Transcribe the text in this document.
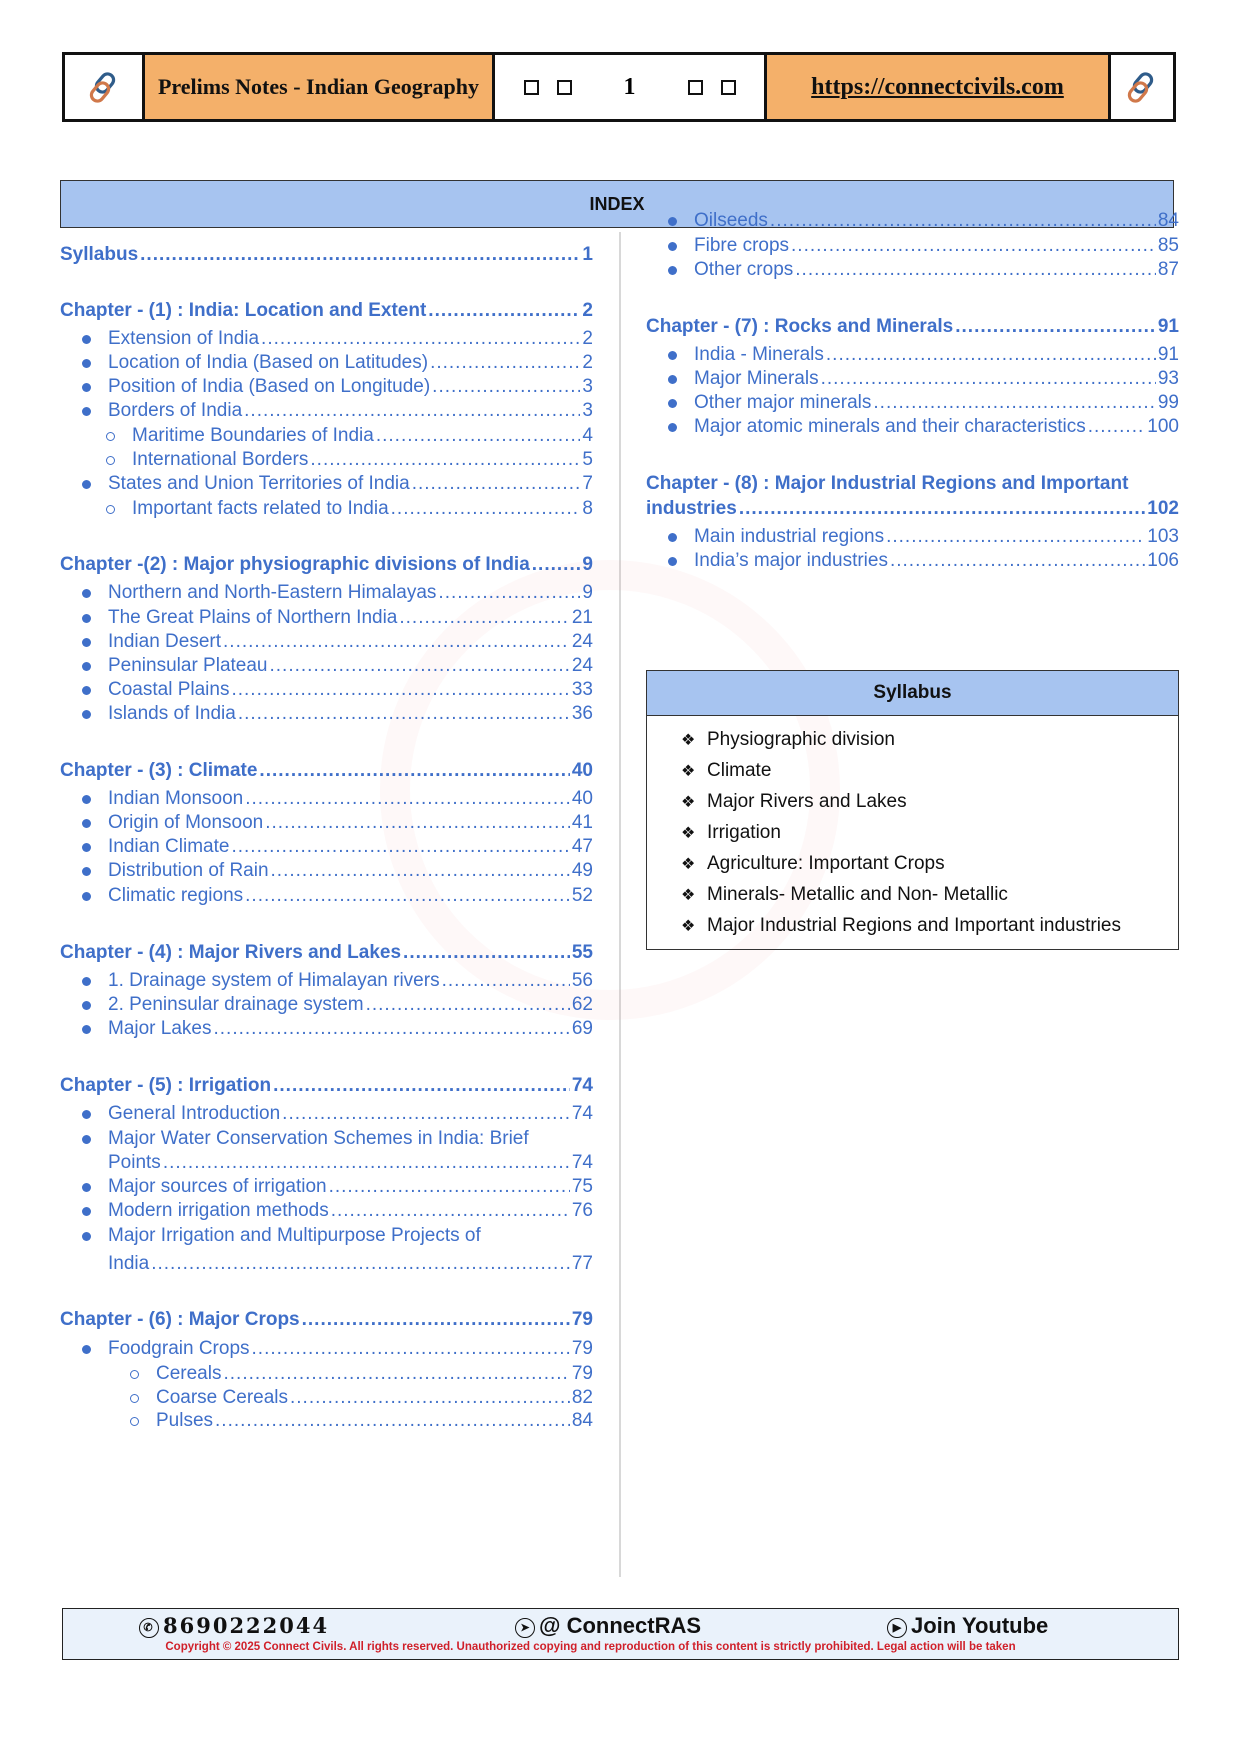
Prelims Notes - Indian Geography	1	https://connectcivils.com
INDEX
Syllabus .....	1
Chapter - (1) : India: Location and Extent .....	2
Extension of India .....	2
Location of India (Based on Latitudes) .....	2
Position of India (Based on Longitude) .....	3
Borders of India .....	3
Maritime Boundaries of India .....	4
International Borders .....	5
States and Union Territories of India .....	7
Important facts related to India .....	8
Chapter -(2) : Major physiographic divisions of India .....	9
Northern and North-Eastern Himalayas .....	9
The Great Plains of Northern India .....	21
Indian Desert .....	24
Peninsular Plateau .....	24
Coastal Plains .....	33
Islands of India .....	36
Chapter - (3) : Climate .....	40
Indian Monsoon .....	40
Origin of Monsoon .....	41
Indian Climate .....	47
Distribution of Rain .....	49
Climatic regions .....	52
Chapter - (4) : Major Rivers and Lakes .....	55
1. Drainage system of Himalayan rivers .....	56
2. Peninsular drainage system .....	62
Major Lakes .....	69
Chapter - (5) : Irrigation .....	74
General Introduction .....	74
Major Water Conservation Schemes in India: Brief
Points .....	74
Major sources of irrigation .....	75
Modern irrigation methods .....	76
Major Irrigation and Multipurpose Projects of
India .....	77
Chapter - (6) : Major Crops .....	79
Foodgrain Crops .....	79
Cereals .....	79
Coarse Cereals .....	82
Pulses .....	84
Oilseeds .....	84
Fibre crops .....	85
Other crops .....	87
Chapter - (7) : Rocks and Minerals .....	91
India - Minerals .....	91
Major Minerals .....	93
Other major minerals .....	99
Major atomic minerals and their characteristics .....	100
Chapter - (8) : Major Industrial Regions and Important
industries .....	102
Main industrial regions .....	103
India’s major industries .....	106
Syllabus
❖ Physiographic division
❖ Climate
❖ Major Rivers and Lakes
❖ Irrigation
❖ Agriculture: Important Crops
❖ Minerals- Metallic and Non- Metallic
❖ Major Industrial Regions and Important industries
✆ 8690222044	➤ @ ConnectRAS	▶ Join Youtube
Copyright © 2025 Connect Civils. All rights reserved. Unauthorized copying and reproduction of this content is strictly prohibited. Legal action will be taken
